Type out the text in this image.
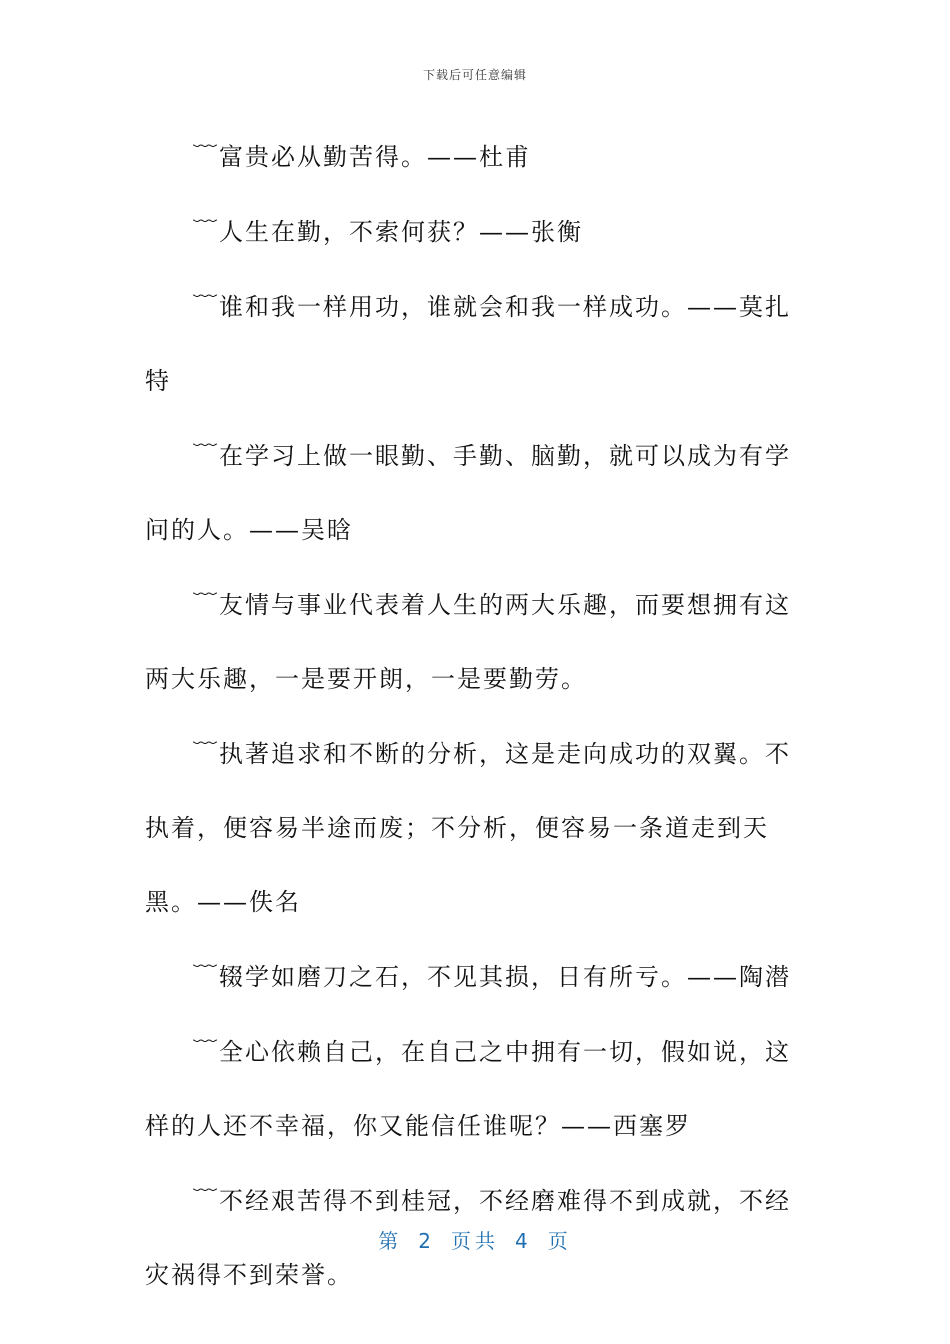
下载后可任意编辑

﹋富贵必从勤苦得。——杜甫

﹋人生在勤，不索何获？——张衡

﹋谁和我一样用功，谁就会和我一样成功。——莫扎特

﹋在学习上做一眼勤、手勤、脑勤，就可以成为有学问的人。——吴晗

﹋友情与事业代表着人生的两大乐趣，而要想拥有这两大乐趣，一是要开朗，一是要勤劳。

﹋执著追求和不断的分析，这是走向成功的双翼。不执着，便容易半途而废；不分析，便容易一条道走到天黑。——佚名

﹋辍学如磨刀之石，不见其损，日有所亏。——陶潜

﹋全心依赖自己，在自己之中拥有一切，假如说，这样的人还不幸福，你又能信任谁呢？——西塞罗

﹋不经艰苦得不到桂冠，不经磨难得不到成就，不经灾祸得不到荣誉。

第 2 页共 4 页
